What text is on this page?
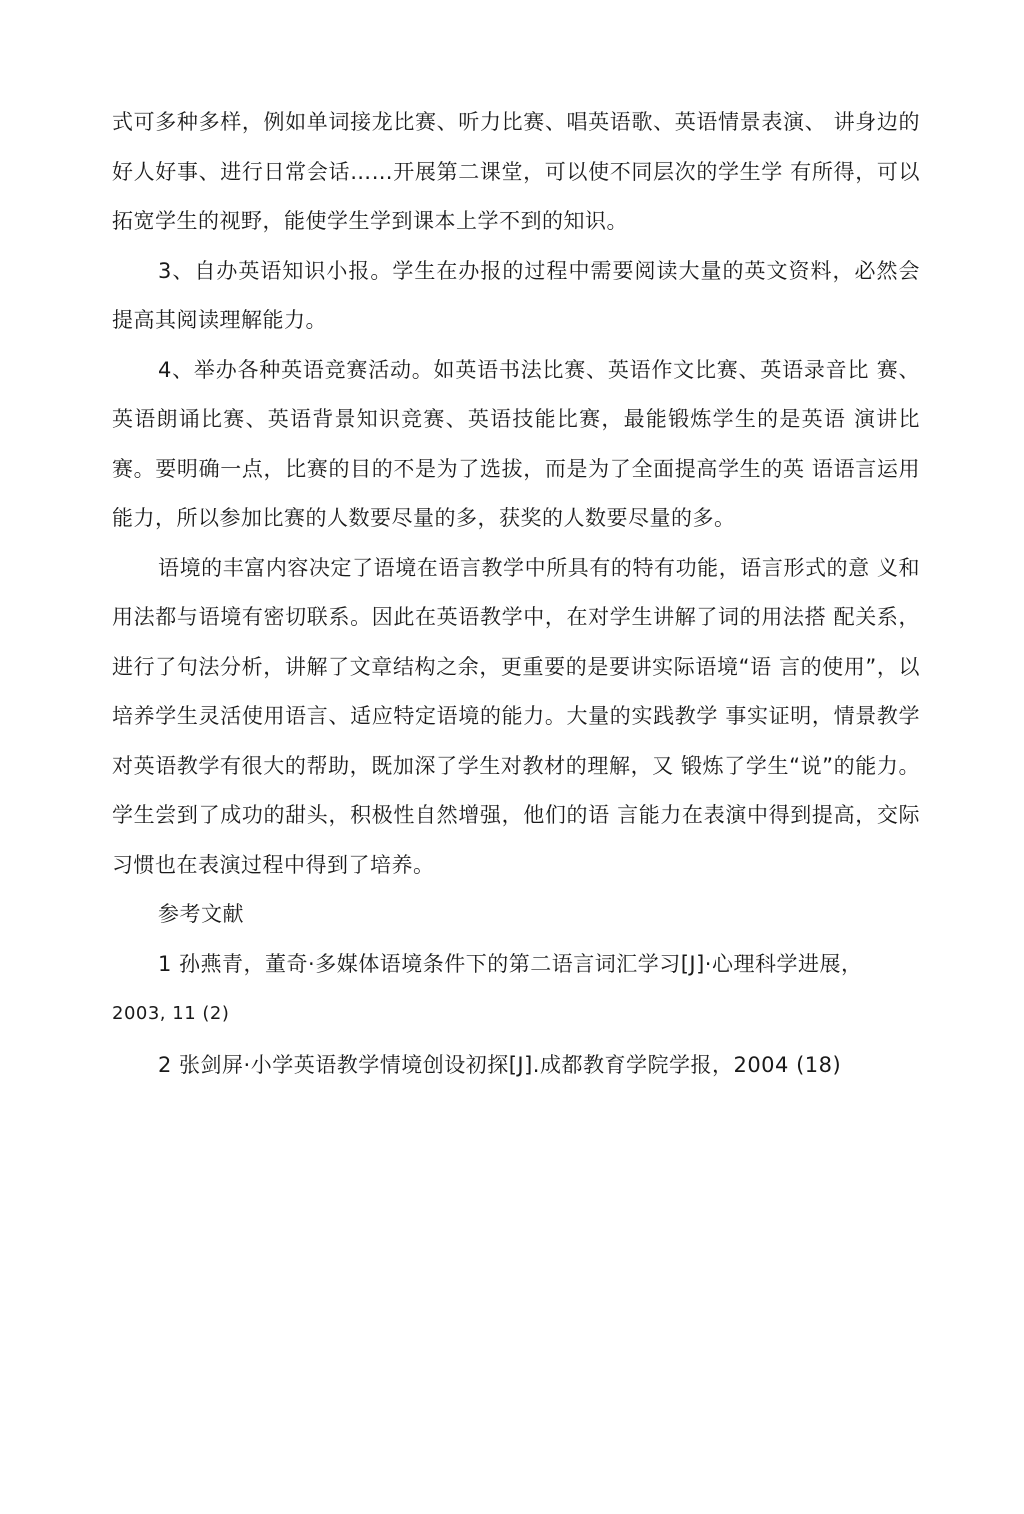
式可多种多样，例如单词接龙比赛、听力比赛、唱英语歌、英语情景表演、 讲身边的好人好事、进行日常会话……开展第二课堂，可以使不同层次的学生学 有所得，可以拓宽学生的视野，能使学生学到课本上学不到的知识。

3、自办英语知识小报。学生在办报的过程中需要阅读大量的英文资料，必然会提高其阅读理解能力。

4、举办各种英语竞赛活动。如英语书法比赛、英语作文比赛、英语录音比 赛、英语朗诵比赛、英语背景知识竞赛、英语技能比赛，最能锻炼学生的是英语 演讲比赛。要明确一点，比赛的目的不是为了选拔，而是为了全面提高学生的英 语语言运用能力，所以参加比赛的人数要尽量的多，获奖的人数要尽量的多。

语境的丰富内容决定了语境在语言教学中所具有的特有功能，语言形式的意 义和用法都与语境有密切联系。因此在英语教学中，在对学生讲解了词的用法搭 配关系，进行了句法分析，讲解了文章结构之余，更重要的是要讲实际语境“语 言的使用”，以培养学生灵活使用语言、适应特定语境的能力。大量的实践教学 事实证明，情景教学对英语教学有很大的帮助，既加深了学生对教材的理解，又 锻炼了学生“说”的能力。学生尝到了成功的甜头，积极性自然增强，他们的语 言能力在表演中得到提高，交际习惯也在表演过程中得到了培养。

参考文献

1 孙燕青，董奇·多媒体语境条件下的第二语言词汇学习[J]·心理科学进展，

2003, 11 (2)

2 张剑屏·小学英语教学情境创设初探[J].成都教育学院学报，2004 (18)
